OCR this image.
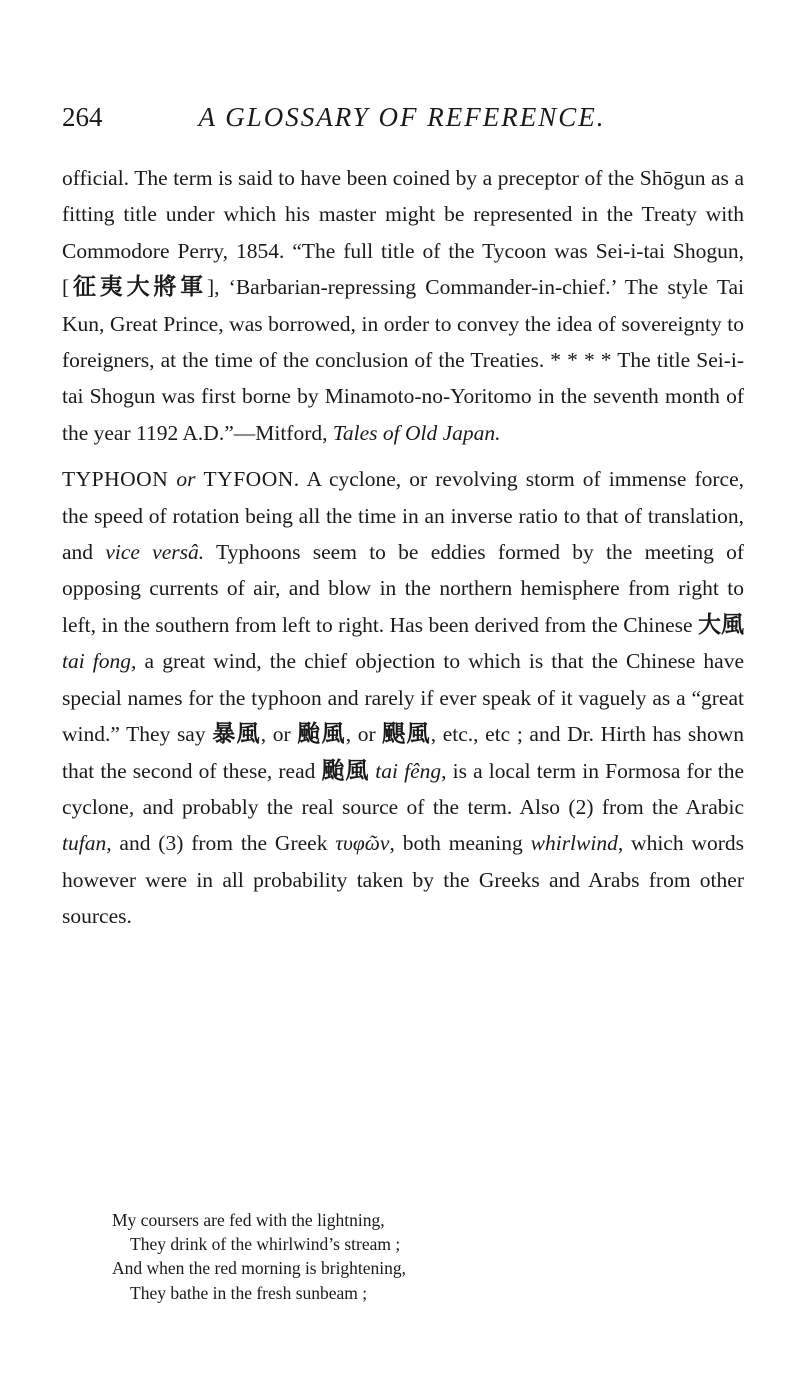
264	A GLOSSARY OF REFERENCE.

official. The term is said to have been coined by a preceptor of the Shōgun as a fitting title under which his master might be represented in the Treaty with Commodore Perry, 1854. “The full title of the Tycoon was Sei-i-tai Shogun, [征夷大將軍], ‘Barbarian-repressing Commander-in-chief.’ The style Tai Kun, Great Prince, was borrowed, in order to convey the idea of sovereignty to foreigners, at the time of the conclusion of the Treaties. * * * * The title Sei-i-tai Shogun was first borne by Minamoto-no-Yoritomo in the seventh month of the year 1192 A.D.”—Mitford, Tales of Old Japan.

TYPHOON or TYFOON. A cyclone, or revolving storm of immense force, the speed of rotation being all the time in an inverse ratio to that of translation, and vice versâ. Typhoons seem to be eddies formed by the meeting of opposing currents of air, and blow in the northern hemisphere from right to left, in the southern from left to right. Has been derived from the Chinese 大風 tai fong, a great wind, the chief objection to which is that the Chinese have special names for the typhoon and rarely if ever speak of it vaguely as a “great wind.” They say 暴風, or 颱風, or 颶風, etc., etc ; and Dr. Hirth has shown that the second of these, read 颱風 tai fêng, is a local term in Formosa for the cyclone, and probably the real source of the term. Also (2) from the Arabic tufan, and (3) from the Greek τυφῶν, both meaning whirlwind, which words however were in all probability taken by the Greeks and Arabs from other sources.

My coursers are fed with the lightning,
They drink of the whirlwind’s stream ;
And when the red morning is brightening,
They bathe in the fresh sunbeam ;
